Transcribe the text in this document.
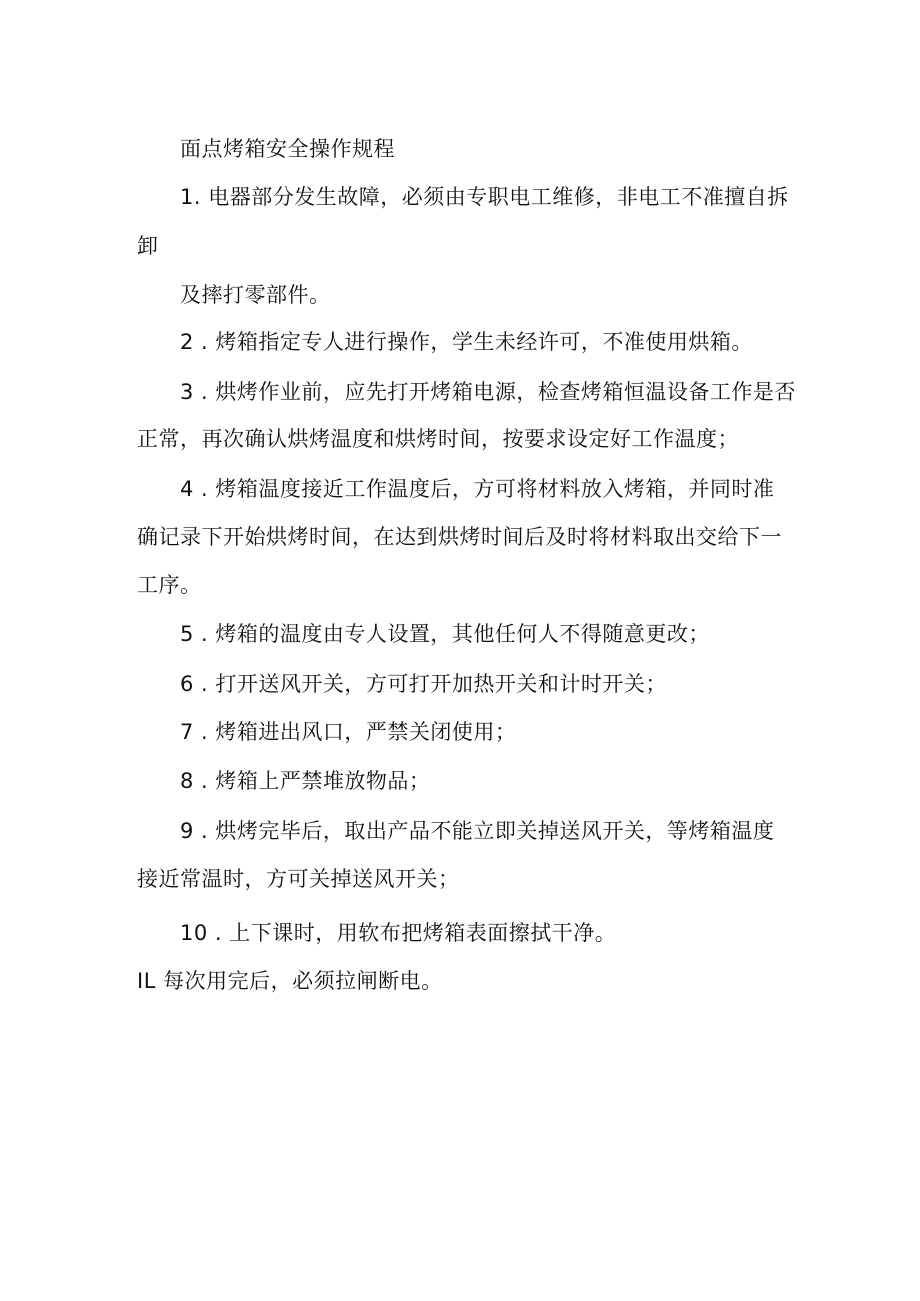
面点烤箱安全操作规程
1. 电器部分发生故障，必须由专职电工维修，非电工不准擅自拆
卸
及摔打零部件。
2 . 烤箱指定专人进行操作，学生未经许可，不准使用烘箱。
3 . 烘烤作业前，应先打开烤箱电源，检查烤箱恒温设备工作是否
正常，再次确认烘烤温度和烘烤时间，按要求设定好工作温度；
4 . 烤箱温度接近工作温度后，方可将材料放入烤箱，并同时准
确记录下开始烘烤时间，在达到烘烤时间后及时将材料取出交给下一
工序。
5 . 烤箱的温度由专人设置，其他任何人不得随意更改；
6 . 打开送风开关，方可打开加热开关和计时开关；
7 . 烤箱进出风口，严禁关闭使用；
8 . 烤箱上严禁堆放物品；
9 . 烘烤完毕后，取出产品不能立即关掉送风开关，等烤箱温度
接近常温时，方可关掉送风开关；
10 . 上下课时，用软布把烤箱表面擦拭干净。
IL 每次用完后，必须拉闸断电。
